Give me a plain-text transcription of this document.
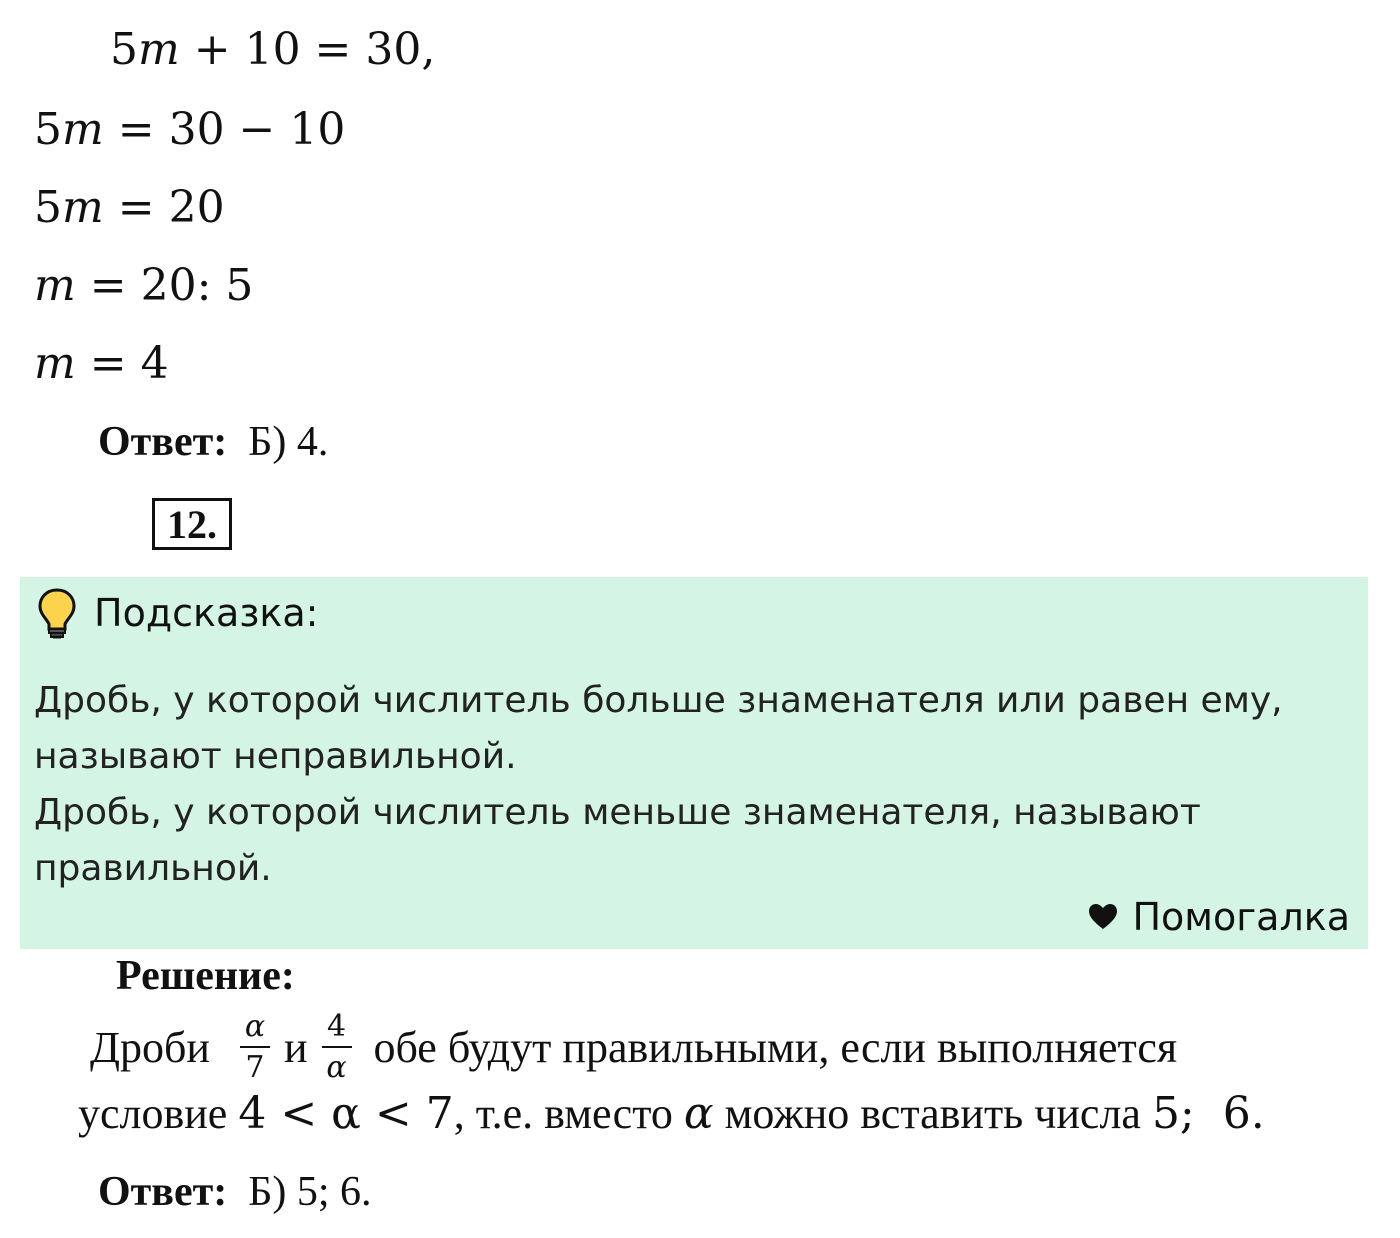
5m + 10 = 30,
5m = 30 − 10
5m = 20
m = 20: 5
m = 4
Ответ: Б) 4.
12.
Подсказка:

Дробь, у которой числитель больше знаменателя или равен ему, называют неправильной.

Дробь, у которой числитель меньше знаменателя, называют правильной.

Помогалка
Решение:
Дроби $\frac{\alpha}{7}$ и $\frac{4}{\alpha}$ обе будут правильными, если выполняется
условие 4 < α < 7, т.е. вместо α можно вставить числа 5;  6.
Ответ: Б) 5; 6.
